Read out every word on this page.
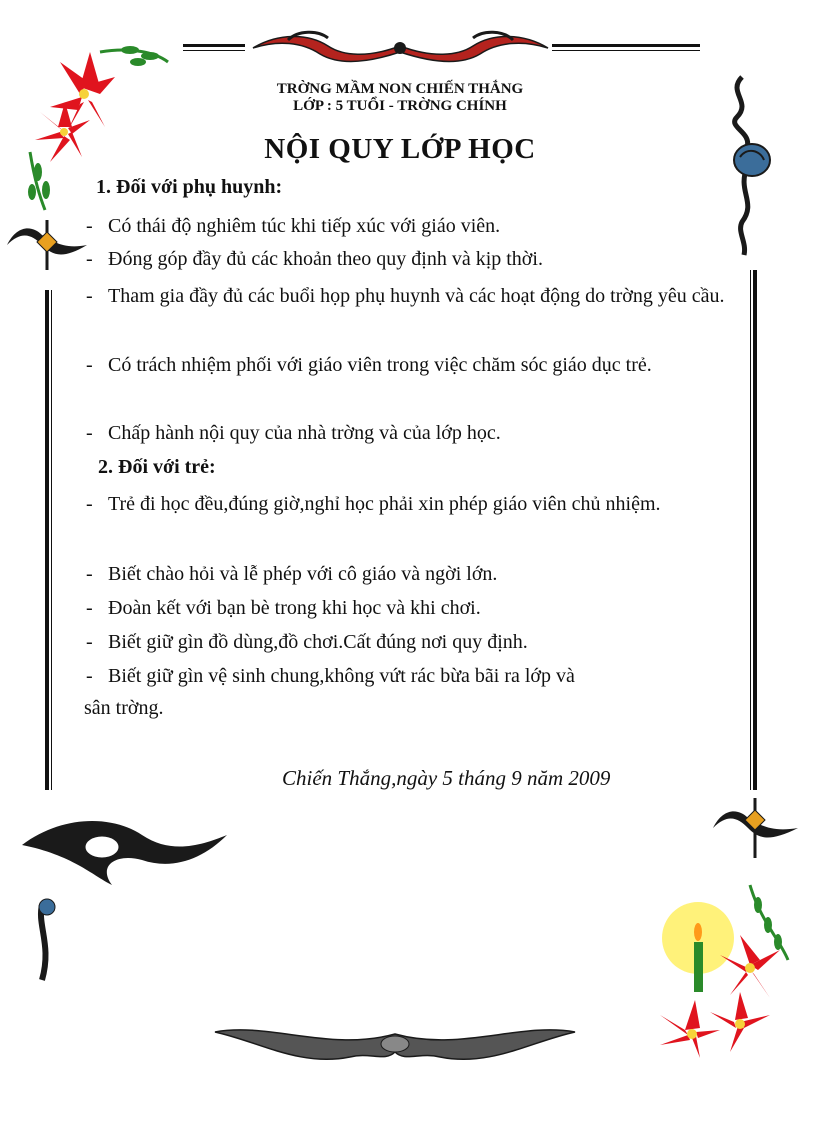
TRỜNG MẦM NON CHIẾN THẮNG
LỚP : 5 TUỔI - TRỜNG CHÍNH
NỘI QUY LỚP HỌC
1. Đối với phụ huynh:
- Có thái độ nghiêm túc khi tiếp xúc với giáo viên.
- Đóng góp đầy đủ các khoản theo quy định và kịp thời.
- Tham gia đầy đủ các buổi họp phụ huynh và các hoạt động do trờng yêu cầu.
- Có trách nhiệm phối với giáo viên trong việc chăm sóc giáo dục trẻ.
- Chấp hành nội quy của nhà trờng và của lớp học.
2. Đối với trẻ:
- Trẻ đi học đều,đúng giờ,nghỉ học phải xin phép giáo viên chủ nhiệm.
- Biết chào hỏi và lễ phép với cô giáo và ngời lớn.
- Đoàn kết với bạn bè trong khi học và khi chơi.
- Biết giữ gìn đồ dùng,đồ chơi.Cất đúng nơi quy định.
- Biết giữ gìn vệ sinh chung,không vứt rác bừa bãi ra lớp và
sân trờng.
Chiến Thắng,ngày 5 tháng 9 năm 2009
